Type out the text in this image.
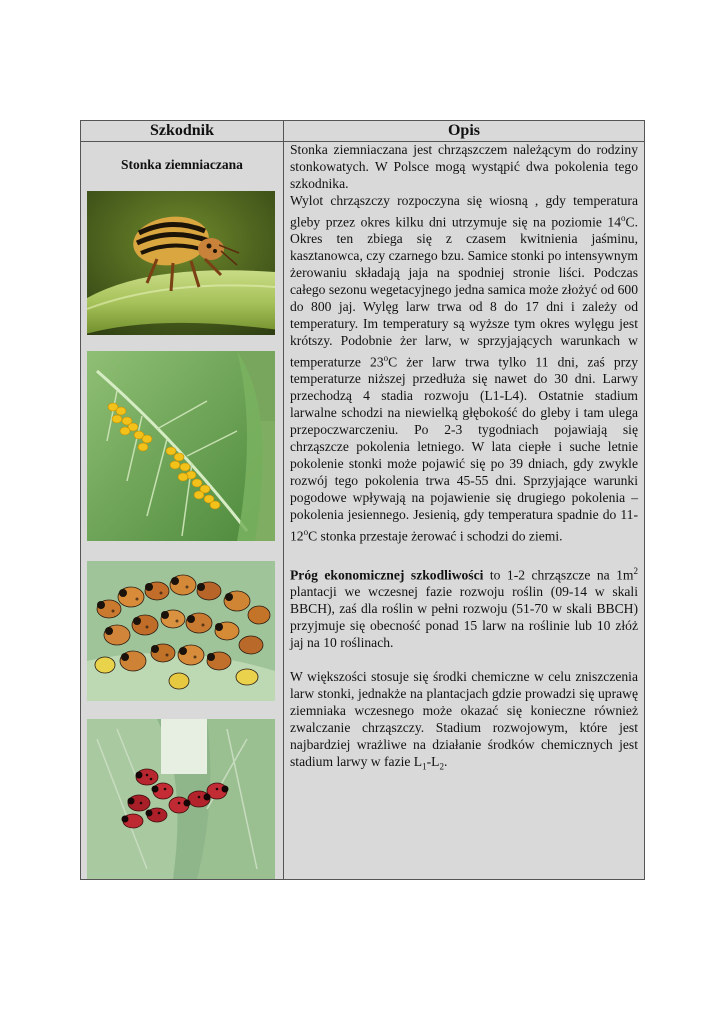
Szkodnik	Opis
Stonka ziemniaczana

Stonka ziemniaczana jest chrząszczem należącym do rodziny stonkowatych. W Polsce mogą wystąpić dwa pokolenia tego szkodnika.

Wylot chrząszczy rozpoczyna się wiosną , gdy temperatura gleby przez okres kilku dni utrzymuje się na poziomie 14$^o$C. Okres ten zbiega się z czasem kwitnienia jaśminu, kasztanowca, czy czarnego bzu. Samice stonki po intensywnym żerowaniu składają jaja na spodniej stronie liści. Podczas całego sezonu wegetacyjnego jedna samica może złożyć od 600 do 800 jaj. Wylęg larw trwa od 8 do 17 dni i zależy od temperatury. Im temperatury są wyższe tym okres wylęgu jest krótszy. Podobnie żer larw, w sprzyjających warunkach w temperaturze 23$^o$C żer larw trwa tylko 11 dni, zaś przy temperaturze niższej przedłuża się nawet do 30 dni. Larwy przechodzą 4 stadia rozwoju (L1-L4). Ostatnie stadium larwalne schodzi na niewielką głębokość do gleby i tam ulega przepoczwarczeniu. Po 2-3 tygodniach pojawiają się chrząszcze pokolenia letniego. W lata ciepłe i suche letnie pokolenie stonki może pojawić się po 39 dniach, gdy zwykle rozwój tego pokolenia trwa 45-55 dni. Sprzyjające warunki pogodowe wpływają na pojawienie się drugiego pokolenia – pokolenia jesiennego. Jesienią, gdy temperatura spadnie do 11-12$^o$C stonka przestaje żerować i schodzi do ziemi.

Próg ekonomicznej szkodliwości to 1-2 chrząszcze na $1m^2$ plantacji we wczesnej fazie rozwoju roślin (09-14 w skali BBCH), zaś dla roślin w pełni rozwoju (51-70 w skali BBCH) przyjmuje się obecność ponad 15 larw na roślinie lub 10 złóż jaj na 10 roślinach.

W większości stosuje się środki chemiczne w celu zniszczenia larw stonki, jednakże na plantacjach gdzie prowadzi się uprawę ziemniaka wczesnego może okazać się konieczne również zwalczanie chrząszczy. Stadium rozwojowym, które jest najbardziej wrażliwe na działanie środków chemicznych jest stadium larwy w fazie $L_1-L_2$.
